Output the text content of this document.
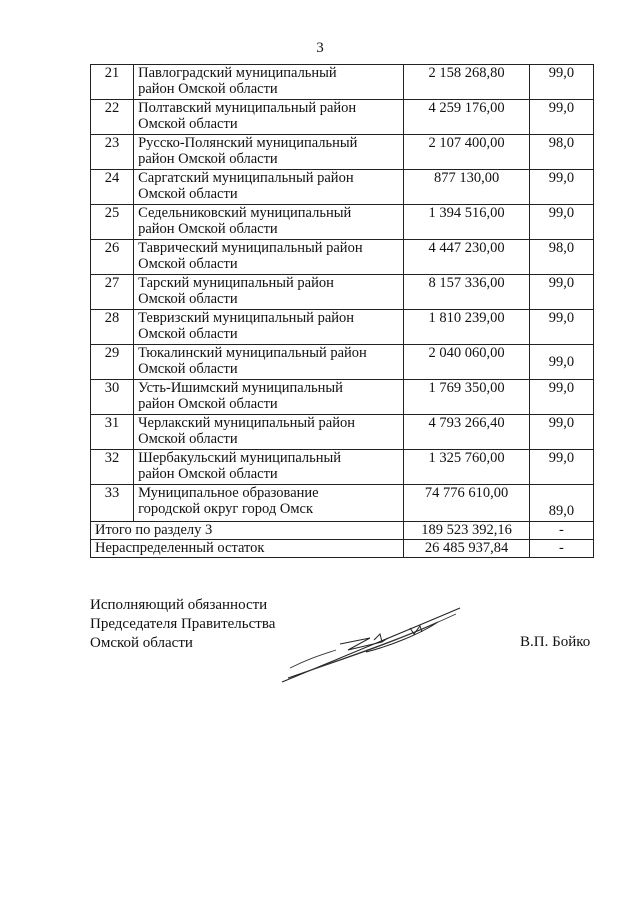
3
21	Павлоградский муниципальный
район Омской области	2 158 268,80	99,0
22	Полтавский муниципальный район
Омской области	4 259 176,00	99,0
23	Русско-Полянский муниципальный
район Омской области	2 107 400,00	98,0
24	Саргатский муниципальный район
Омской области	877 130,00	99,0
25	Седельниковский муниципальный
район Омской области	1 394 516,00	99,0
26	Таврический муниципальный район
Омской области	4 447 230,00	98,0
27	Тарский муниципальный район
Омской области	8 157 336,00	99,0
28	Тевризский муниципальный район
Омской области	1 810 239,00	99,0
29	Тюкалинский муниципальный район
Омской области	2 040 060,00	99,0
30	Усть-Ишимский муниципальный
район Омской области	1 769 350,00	99,0
31	Черлакский муниципальный район
Омской области	4 793 266,40	99,0
32	Шербакульский муниципальный
район Омской области	1 325 760,00	99,0
33	Муниципальное образование
городской округ город Омск	74 776 610,00	89,0
Итого по разделу 3		189 523 392,16	-
Нераспределенный остаток		26 485 937,84	-
Исполняющий обязанности
Председателя Правительства
Омской области	В.П. Бойко
